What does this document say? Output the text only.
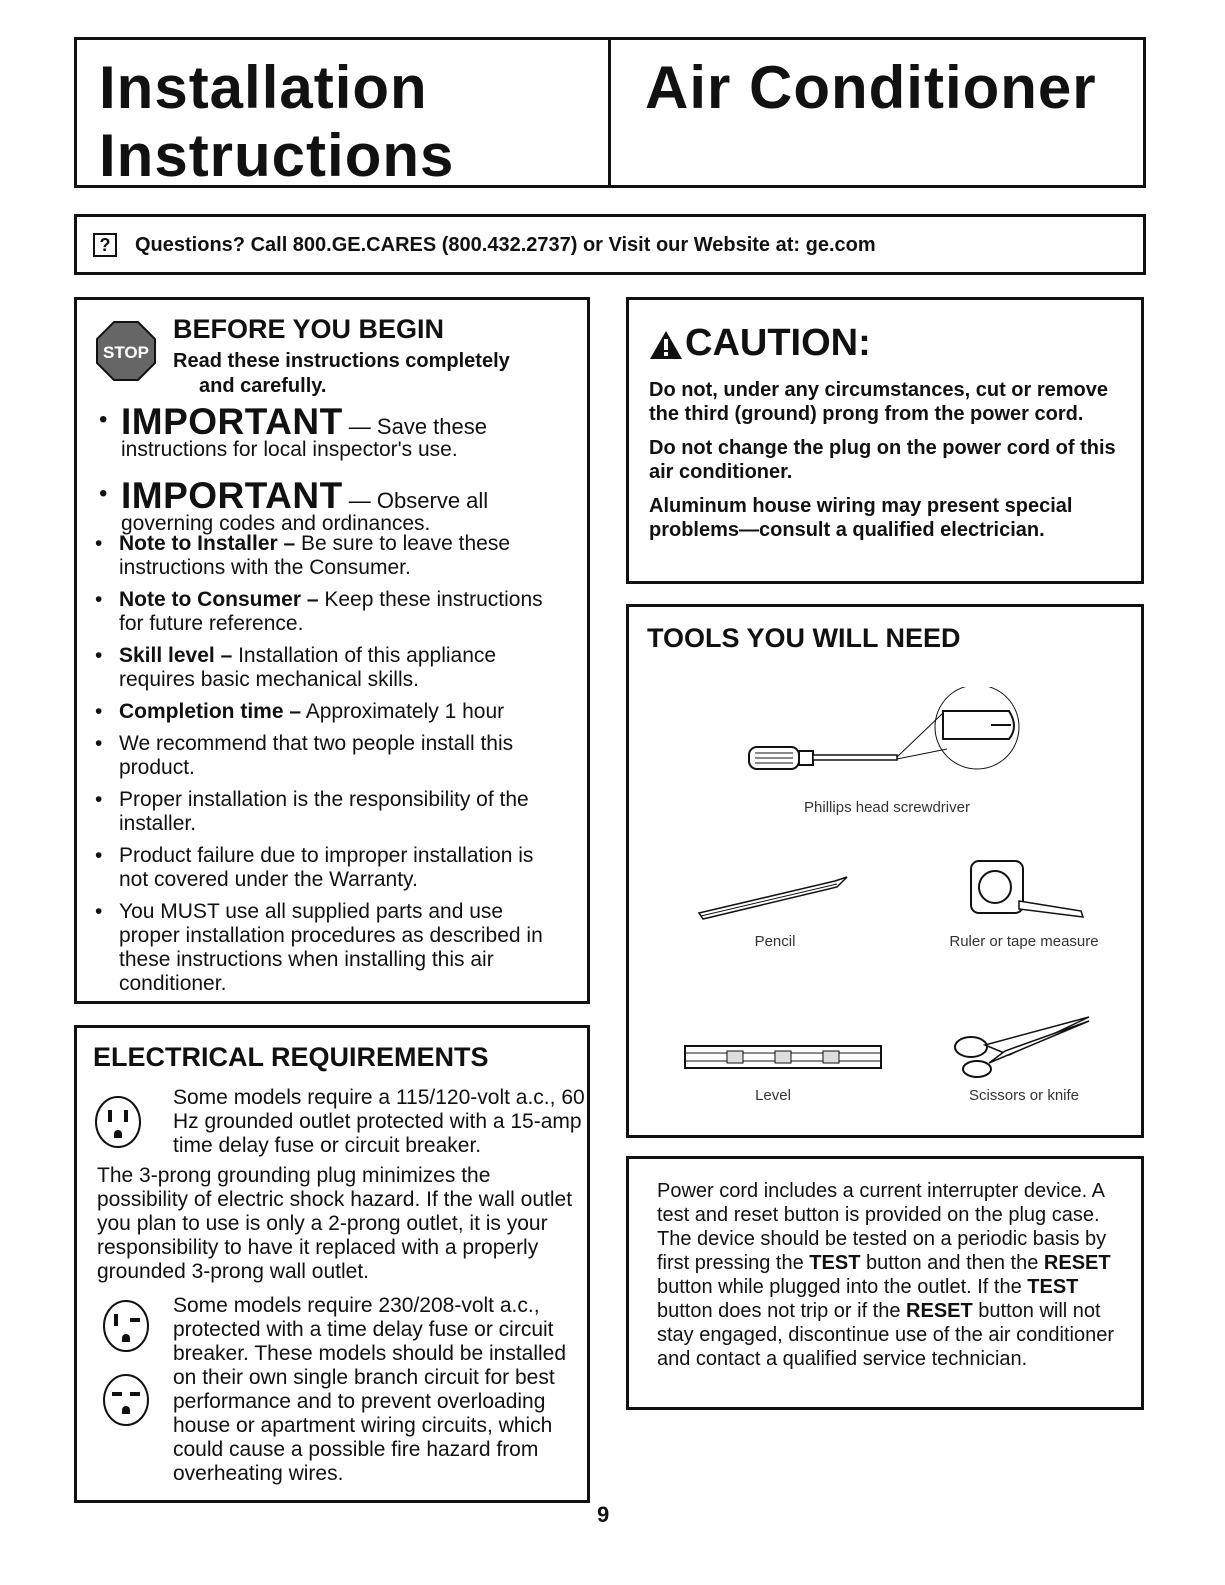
Installation
Instructions
Air Conditioner
?	Questions? Call 800.GE.CARES (800.432.2737) or Visit our Website at: ge.com
STOP
BEFORE YOU BEGIN
Read these instructions completely
and carefully.
• IMPORTANT — Save these
instructions for local inspector's use.
• IMPORTANT — Observe all
governing codes and ordinances.
• Note to Installer – Be sure to leave these instructions with the Consumer.
• Note to Consumer – Keep these instructions for future reference.
• Skill level – Installation of this appliance requires basic mechanical skills.
• Completion time – Approximately 1 hour
• We recommend that two people install this product.
• Proper installation is the responsibility of the installer.
• Product failure due to improper installation is not covered under the Warranty.
• You MUST use all supplied parts and use proper installation procedures as described in these instructions when installing this air conditioner.
ELECTRICAL REQUIREMENTS
Some models require a 115/120-volt a.c., 60 Hz grounded outlet protected with a 15-amp time delay fuse or circuit breaker.
The 3-prong grounding plug minimizes the possibility of electric shock hazard. If the wall outlet you plan to use is only a 2-prong outlet, it is your responsibility to have it replaced with a properly grounded 3-prong wall outlet.
Some models require 230/208-volt a.c., protected with a time delay fuse or circuit breaker. These models should be installed on their own single branch circuit for best performance and to prevent overloading house or apartment wiring circuits, which could cause a possible fire hazard from overheating wires.
CAUTION:

Do not, under any circumstances, cut or remove the third (ground) prong from the power cord.

Do not change the plug on the power cord of this air conditioner.

Aluminum house wiring may present special problems—consult a qualified electrician.

TOOLS YOU WILL NEED
Phillips head screwdriver
Pencil	Ruler or tape measure
Level	Scissors or knife
Power cord includes a current interrupter device. A test and reset button is provided on the plug case. The device should be tested on a periodic basis by first pressing the TEST button and then the RESET button while plugged into the outlet. If the TEST button does not trip or if the RESET button will not stay engaged, discontinue use of the air conditioner and contact a qualified service technician.
9
